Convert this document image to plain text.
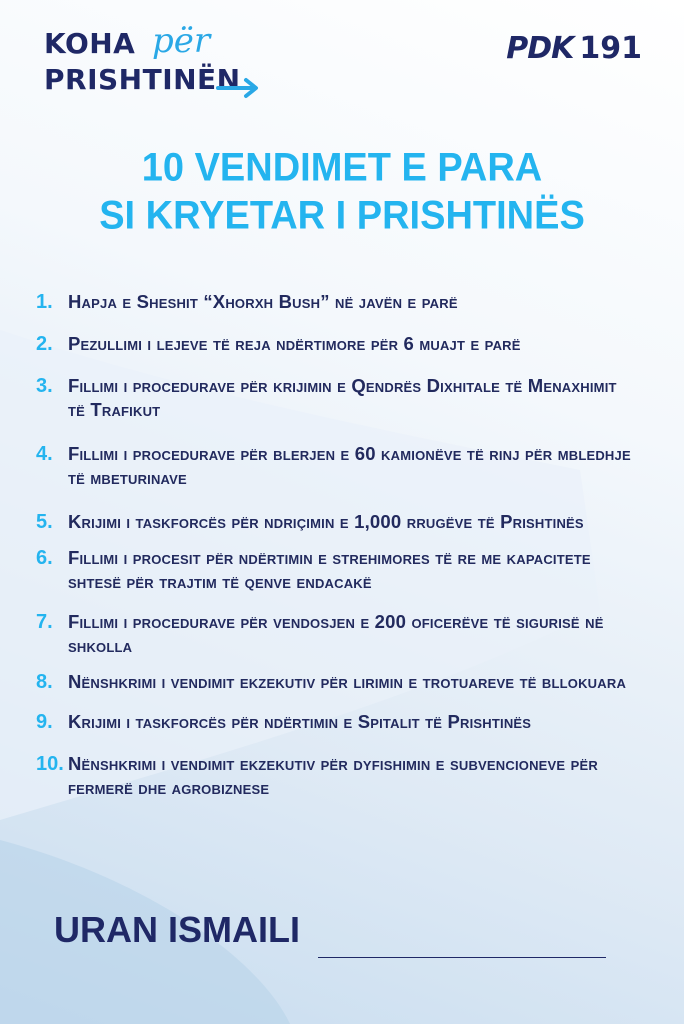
KOHA për
PRISHTINËN
PDK 191
10 VENDIMET E PARA
SI KRYETAR I PRISHTINËS
1. Hapja e Sheshit “Xhorxh Bush” në javën e parë
2. Pezullimi i lejeve të reja ndërtimore për 6 muajt e parë
3. Fillimi i procedurave për krijimin e Qendrës Dixhitale të Menaxhimit të Trafikut
4. Fillimi i procedurave për blerjen e 60 kamionëve të rinj për mbledhje të mbeturinave
5. Krijimi i taskforcës për ndriçimin e 1,000 rrugëve të Prishtinës
6. Fillimi i procesit për ndërtimin e strehimores të re me kapacitete shtesë për trajtim të qenve endacakë
7. Fillimi i procedurave për vendosjen e 200 oficerëve të sigurisë në shkolla
8. Nënshkrimi i vendimit ekzekutiv për lirimin e trotuareve të bllokuara
9. Krijimi i taskforcës për ndërtimin e Spitalit të Prishtinës
10. Nënshkrimi i vendimit ekzekutiv për dyfishimin e subvencioneve për fermerë dhe agrobiznese
URAN ISMAILI
